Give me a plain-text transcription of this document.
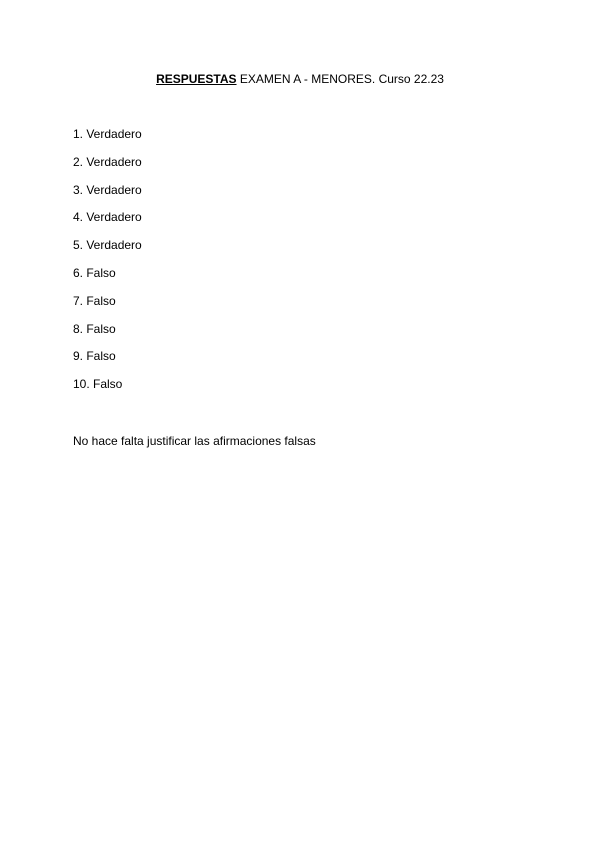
RESPUESTAS EXAMEN A - MENORES. Curso 22.23
1. Verdadero
2. Verdadero
3. Verdadero
4. Verdadero
5. Verdadero
6. Falso
7. Falso
8. Falso
9. Falso
10. Falso
No hace falta justificar las afirmaciones falsas
